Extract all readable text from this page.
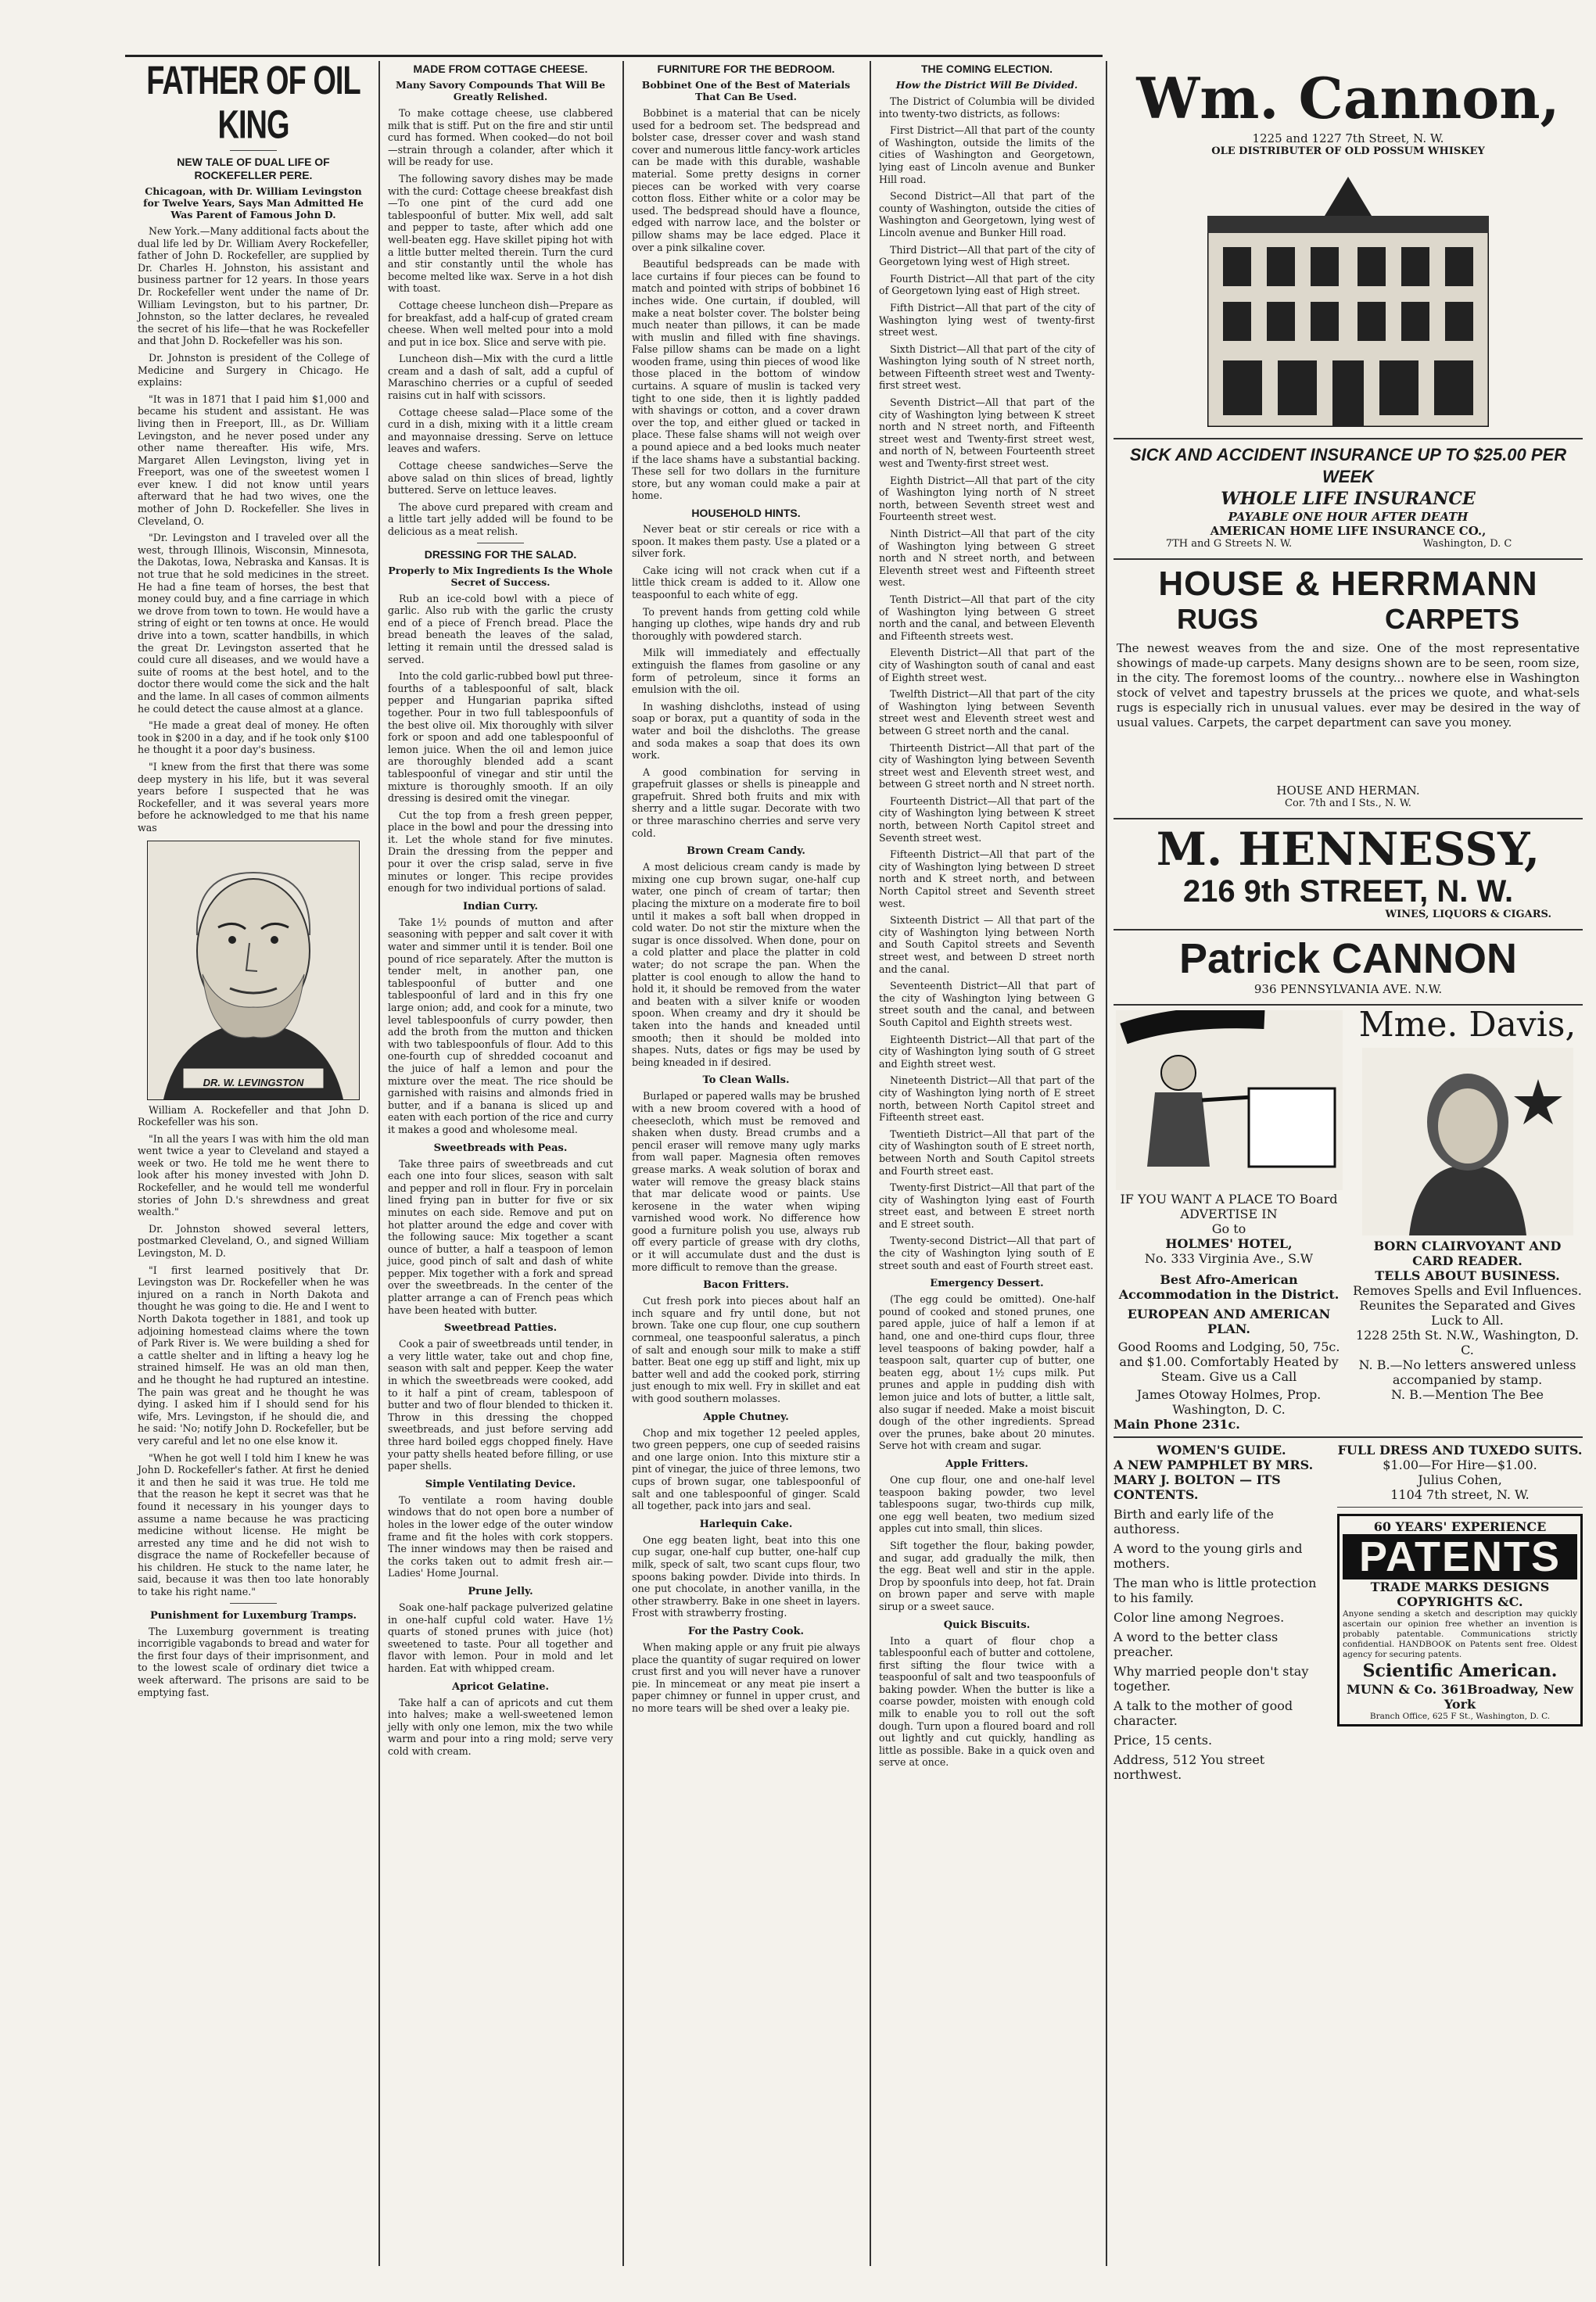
FATHER OF OIL KING
NEW TALE OF DUAL LIFE OF ROCKEFELLER PERE.
Chicagoan, with Dr. William Levingston for Twelve Years, Says Man Admitted He Was Parent of Famous John D.

New York.—Many additional facts about the dual life led by Dr. William Avery Rockefeller, father of John D. Rockefeller, are supplied by Dr. Charles H. Johnston, his assistant and business partner for 12 years. In those years Dr. Rockefeller went under the name of Dr. William Levingston, but to his partner, Dr. Johnston, so the latter declares, he revealed the secret of his life—that he was Rockefeller and that John D. Rockefeller was his son.

Dr. Johnston is president of the College of Medicine and Surgery in Chicago. He explains:

"It was in 1871 that I paid him $1,000 and became his student and assistant. He was living then in Freeport, Ill., as Dr. William Levingston, and he never posed under any other name thereafter. His wife, Mrs. Margaret Allen Levingston, living yet in Freeport, was one of the sweetest women I ever knew. I did not know until years afterward that he had two wives, one the mother of John D. Rockefeller. She lives in Cleveland, O.

"Dr. Levingston and I traveled over all the west, through Illinois, Wisconsin, Minnesota, the Dakotas, Iowa, Nebraska and Kansas. It is not true that he sold medicines in the street. He had a fine team of horses, the best that money could buy, and a fine carriage in which we drove from town to town. He would have a string of eight or ten towns at once. He would drive into a town, scatter handbills, in which the great Dr. Levingston asserted that he could cure all diseases, and we would have a suite of rooms at the best hotel, and to the doctor there would come the sick and the halt and the lame. In all cases of common ailments he could detect the cause almost at a glance.

"He made a great deal of money. He often took in $200 in a day, and if he took only $100 he thought it a poor day's business.

"I knew from the first that there was some deep mystery in his life, but it was several years before I suspected that he was Rockefeller, and it was several years more before he acknowledged to me that his name was

DR. W. LEVINGSTON

William A. Rockefeller and that John D. Rockefeller was his son.

"In all the years I was with him the old man went twice a year to Cleveland and stayed a week or two. He told me he went there to look after his money invested with John D. Rockefeller, and he would tell me wonderful stories of John D.'s shrewdness and great wealth."

Dr. Johnston showed several letters, postmarked Cleveland, O., and signed William Levingston, M. D.

"I first learned positively that Dr. Levingston was Dr. Rockefeller when he was injured on a ranch in North Dakota and thought he was going to die. He and I went to North Dakota together in 1881, and took up adjoining homestead claims where the town of Park River is. We were building a shed for a cattle shelter and in lifting a heavy log he strained himself. He was an old man then, and he thought he had ruptured an intestine. The pain was great and he thought he was dying. I asked him if I should send for his wife, Mrs. Levingston, if he should die, and he said: 'No; notify John D. Rockefeller, but be very careful and let no one else know it.

"When he got well I told him I knew he was John D. Rockefeller's father. At first he denied it and then he said it was true. He told me that the reason he kept it secret was that he found it necessary in his younger days to assume a name because he was practicing medicine without license. He might be arrested any time and he did not wish to disgrace the name of Rockefeller because of his children. He stuck to the name later, he said, because it was then too late honorably to take his right name."

Punishment for Luxemburg Tramps.

The Luxemburg government is treating incorrigible vagabonds to bread and water for the first four days of their imprisonment, and to the lowest scale of ordinary diet twice a week afterward. The prisons are said to be emptying fast.

MADE FROM COTTAGE CHEESE.
Many Savory Compounds That Will Be Greatly Relished.

To make cottage cheese, use clabbered milk that is stiff. Put on the fire and stir until curd has formed. When cooked—do not boil—strain through a colander, after which it will be ready for use.

The following savory dishes may be made with the curd: Cottage cheese breakfast dish—To one pint of the curd add one tablespoonful of butter. Mix well, add salt and pepper to taste, after which add one well-beaten egg. Have skillet piping hot with a little butter melted therein. Turn the curd and stir constantly until the whole has become melted like wax. Serve in a hot dish with toast.

Cottage cheese luncheon dish—Prepare as for breakfast, add a half-cup of grated cream cheese. When well melted pour into a mold and put in ice box. Slice and serve with pie.

Luncheon dish—Mix with the curd a little cream and a dash of salt, add a cupful of Maraschino cherries or a cupful of seeded raisins cut in half with scissors.

Cottage cheese salad—Place some of the curd in a dish, mixing with it a little cream and mayonnaise dressing. Serve on lettuce leaves and wafers.

Cottage cheese sandwiches—Serve the above salad on thin slices of bread, lightly buttered. Serve on lettuce leaves.

The above curd prepared with cream and a little tart jelly added will be found to be delicious as a meat relish.

DRESSING FOR THE SALAD.
Properly to Mix Ingredients Is the Whole Secret of Success.

Rub an ice-cold bowl with a piece of garlic. Also rub with the garlic the crusty end of a piece of French bread. Place the bread beneath the leaves of the salad, letting it remain until the dressed salad is served.

Into the cold garlic-rubbed bowl put three-fourths of a tablespoonful of salt, black pepper and Hungarian paprika sifted together. Pour in two full tablespoonfuls of the best olive oil. Mix thoroughly with silver fork or spoon and add one tablespoonful of lemon juice. When the oil and lemon juice are thoroughly blended add a scant tablespoonful of vinegar and stir until the mixture is thoroughly smooth. If an oily dressing is desired omit the vinegar.

Cut the top from a fresh green pepper, place in the bowl and pour the dressing into it. Let the whole stand for five minutes. Drain the dressing from the pepper and pour it over the crisp salad, serve in five minutes or longer. This recipe provides enough for two individual portions of salad.

Indian Curry.

Take 1½ pounds of mutton and after seasoning with pepper and salt cover it with water and simmer until it is tender. Boil one pound of rice separately. After the mutton is tender melt, in another pan, one tablespoonful of butter and one tablespoonful of lard and in this fry one large onion; add, and cook for a minute, two level tablespoonfuls of curry powder, then add the broth from the mutton and thicken with two tablespoonfuls of flour. Add to this one-fourth cup of shredded cocoanut and the juice of half a lemon and pour the mixture over the meat. The rice should be garnished with raisins and almonds fried in butter, and if a banana is sliced up and eaten with each portion of the rice and curry it makes a good and wholesome meal.

Sweetbreads with Peas.

Take three pairs of sweetbreads and cut each one into four slices, season with salt and pepper and roll in flour. Fry in porcelain lined frying pan in butter for five or six minutes on each side. Remove and put on hot platter around the edge and cover with the following sauce: Mix together a scant ounce of butter, a half a teaspoon of lemon juice, good pinch of salt and dash of white pepper. Mix together with a fork and spread over the sweetbreads. In the center of the platter arrange a can of French peas which have been heated with butter.

Sweetbread Patties.

Cook a pair of sweetbreads until tender, in a very little water, take out and chop fine, season with salt and pepper. Keep the water in which the sweetbreads were cooked, add to it half a pint of cream, tablespoon of butter and two of flour blended to thicken it. Throw in this dressing the chopped sweetbreads, and just before serving add three hard boiled eggs chopped finely. Have your patty shells heated before filling, or use paper shells.

Simple Ventilating Device.

To ventilate a room having double windows that do not open bore a number of holes in the lower edge of the outer window frame and fit the holes with cork stoppers. The inner windows may then be raised and the corks taken out to admit fresh air.—Ladies' Home Journal.

Prune Jelly.

Soak one-half package pulverized gelatine in one-half cupful cold water. Have 1½ quarts of stoned prunes with juice (hot) sweetened to taste. Pour all together and flavor with lemon. Pour in mold and let harden. Eat with whipped cream.

Apricot Gelatine.

Take half a can of apricots and cut them into halves; make a well-sweetened lemon jelly with only one lemon, mix the two while warm and pour into a ring mold; serve very cold with cream.

FURNITURE FOR THE BEDROOM.
Bobbinet One of the Best of Materials That Can Be Used.

Bobbinet is a material that can be nicely used for a bedroom set. The bedspread and bolster case, dresser cover and wash stand cover and numerous little fancy-work articles can be made with this durable, washable material. Some pretty designs in corner pieces can be worked with very coarse cotton floss. Either white or a color may be used. The bedspread should have a flounce, edged with narrow lace, and the bolster or pillow shams may be lace edged. Place it over a pink silkaline cover.

Beautiful bedspreads can be made with lace curtains if four pieces can be found to match and pointed with strips of bobbinet 16 inches wide. One curtain, if doubled, will make a neat bolster cover. The bolster being much neater than pillows, it can be made with muslin and filled with fine shavings. False pillow shams can be made on a light wooden frame, using thin pieces of wood like those placed in the bottom of window curtains. A square of muslin is tacked very tight to one side, then it is lightly padded with shavings or cotton, and a cover drawn over the top, and either glued or tacked in place. These false shams will not weigh over a pound apiece and a bed looks much neater if the lace shams have a substantial backing. These sell for two dollars in the furniture store, but any woman could make a pair at home.

HOUSEHOLD HINTS.

Never beat or stir cereals or rice with a spoon. It makes them pasty. Use a plated or a silver fork.

Cake icing will not crack when cut if a little thick cream is added to it. Allow one teaspoonful to each white of egg.

To prevent hands from getting cold while hanging up clothes, wipe hands dry and rub thoroughly with powdered starch.

Milk will immediately and effectually extinguish the flames from gasoline or any form of petroleum, since it forms an emulsion with the oil.

In washing dishcloths, instead of using soap or borax, put a quantity of soda in the water and boil the dishcloths. The grease and soda makes a soap that does its own work.

A good combination for serving in grapefruit glasses or shells is pineapple and grapefruit. Shred both fruits and mix with sherry and a little sugar. Decorate with two or three maraschino cherries and serve very cold.

Brown Cream Candy.

A most delicious cream candy is made by mixing one cup brown sugar, one-half cup water, one pinch of cream of tartar; then placing the mixture on a moderate fire to boil until it makes a soft ball when dropped in cold water. Do not stir the mixture when the sugar is once dissolved. When done, pour on a cold platter and place the platter in cold water; do not scrape the pan. When the platter is cool enough to allow the hand to hold it, it should be removed from the water and beaten with a silver knife or wooden spoon. When creamy and dry it should be taken into the hands and kneaded until smooth; then it should be molded into shapes. Nuts, dates or figs may be used by being kneaded in if desired.

To Clean Walls.

Burlaped or papered walls may be brushed with a new broom covered with a hood of cheesecloth, which must be removed and shaken when dusty. Bread crumbs and a pencil eraser will remove many ugly marks from wall paper. Magnesia often removes grease marks. A weak solution of borax and water will remove the greasy black stains that mar delicate wood or paints. Use kerosene in the water when wiping varnished wood work. No difference how good a furniture polish you use, always rub off every particle of grease with dry cloths, or it will accumulate dust and the dust is more difficult to remove than the grease.

Bacon Fritters.

Cut fresh pork into pieces about half an inch square and fry until done, but not brown. Take one cup flour, one cup southern cornmeal, one teaspoonful saleratus, a pinch of salt and enough sour milk to make a stiff batter. Beat one egg up stiff and light, mix up batter well and add the cooked pork, stirring just enough to mix well. Fry in skillet and eat with good southern molasses.

Apple Chutney.

Chop and mix together 12 peeled apples, two green peppers, one cup of seeded raisins and one large onion. Into this mixture stir a pint of vinegar, the juice of three lemons, two cups of brown sugar, one tablespoonful of salt and one tablespoonful of ginger. Scald all together, pack into jars and seal.

Harlequin Cake.

One egg beaten light, beat into this one cup sugar, one-half cup butter, one-half cup milk, speck of salt, two scant cups flour, two spoons baking powder. Divide into thirds. In one put chocolate, in another vanilla, in the other strawberry. Bake in one sheet in layers. Frost with strawberry frosting.

For the Pastry Cook.

When making apple or any fruit pie always place the quantity of sugar required on lower crust first and you will never have a runover pie. In mincemeat or any meat pie insert a paper chimney or funnel in upper crust, and no more tears will be shed over a leaky pie.

THE COMING ELECTION.
How the District Will Be Divided.

The District of Columbia will be divided into twenty-two districts, as follows:

First District—All that part of the county of Washington, outside the limits of the cities of Washington and Georgetown, lying east of Lincoln avenue and Bunker Hill road.

Second District—All that part of the county of Washington, outside the cities of Washington and Georgetown, lying west of Lincoln avenue and Bunker Hill road.

Third District—All that part of the city of Georgetown lying west of High street.

Fourth District—All that part of the city of Georgetown lying east of High street.

Fifth District—All that part of the city of Washington lying west of twenty-first street west.

Sixth District—All that part of the city of Washington lying south of N street north, between Fifteenth street west and Twenty-first street west.

Seventh District—All that part of the city of Washington lying between K street north and N street north, and Fifteenth street west and Twenty-first street west, and north of N, between Fourteenth street west and Twenty-first street west.

Eighth District—All that part of the city of Washington lying north of N street north, between Seventh street west and Fourteenth street west.

Ninth District—All that part of the city of Washington lying between G street north and N street north, and between Eleventh street west and Fifteenth street west.

Tenth District—All that part of the city of Washington lying between G street north and the canal, and between Eleventh and Fifteenth streets west.

Eleventh District—All that part of the city of Washington south of canal and east of Eighth street west.

Twelfth District—All that part of the city of Washington lying between Seventh street west and Eleventh street west and between G street north and the canal.

Thirteenth District—All that part of the city of Washington lying between Seventh street west and Eleventh street west, and between G street north and N street north.

Fourteenth District—All that part of the city of Washington lying between K street north, between North Capitol street and Seventh street west.

Fifteenth District—All that part of the city of Washington lying between D street north and K street north, and between North Capitol street and Seventh street west.

Sixteenth District — All that part of the city of Washington lying between North and South Capitol streets and Seventh street west, and between D street north and the canal.

Seventeenth District—All that part of the city of Washington lying between G street south and the canal, and between South Capitol and Eighth streets west.

Eighteenth District—All that part of the city of Washington lying south of G street and Eighth street west.

Nineteenth District—All that part of the city of Washington lying north of E street north, between North Capitol street and Fifteenth street east.

Twentieth District—All that part of the city of Washington south of E street north, between North and South Capitol streets and Fourth street east.

Twenty-first District—All that part of the city of Washington lying east of Fourth street east, and between E street north and E street south.

Twenty-second District—All that part of the city of Washington lying south of E street south and east of Fourth street east.

Emergency Dessert.

(The egg could be omitted). One-half pound of cooked and stoned prunes, one pared apple, juice of half a lemon if at hand, one and one-third cups flour, three level teaspoons of baking powder, half a teaspoon salt, quarter cup of butter, one beaten egg, about 1½ cups milk. Put prunes and apple in pudding dish with lemon juice and lots of butter, a little salt, also sugar if needed. Make a moist biscuit dough of the other ingredients. Spread over the prunes, bake about 20 minutes. Serve hot with cream and sugar.

Apple Fritters.

One cup flour, one and one-half level teaspoon baking powder, two level tablespoons sugar, two-thirds cup milk, one egg well beaten, two medium sized apples cut into small, thin slices.

Sift together the flour, baking powder, and sugar, add gradually the milk, then the egg. Beat well and stir in the apple. Drop by spoonfuls into deep, hot fat. Drain on brown paper and serve with maple sirup or a sweet sauce.

Quick Biscuits.

Into a quart of flour chop a tablespoonful each of butter and cottolene, first sifting the flour twice with a teaspoonful of salt and two teaspoonfuls of baking powder. When the butter is like a coarse powder, moisten with enough cold milk to enable you to roll out the soft dough. Turn upon a floured board and roll out lightly and cut quickly, handling as little as possible. Bake in a quick oven and serve at once.

Wm. Cannon,
1225 and 1227 7th Street, N. W.
OLE DISTRIBUTER OF OLD POSSUM WHISKEY
SICK AND ACCIDENT INSURANCE UP TO $25.00 PER WEEK
WHOLE LIFE INSURANCE
PAYABLE ONE HOUR AFTER DEATH
AMERICAN HOME LIFE INSURANCE CO.,
7TH and G Streets N. W.	Washington, D. C
HOUSE & HERRMANN
RUGS	CARPETS
The newest weaves from the and size. One of the most representative showings of made-up carpets. Many designs shown are to be seen, room size, in the city. The foremost looms of the country... nowhere else in Washington stock of velvet and tapestry brussels at the prices we quote, and what-sels rugs is especially rich in unusual values. ever may be desired in the way of usual values. Carpets, the carpet department can save you money.
HOUSE AND HERMAN.
Cor. 7th and I Sts., N. W.
M. HENNESSY,
216 9th STREET, N. W.
WINES, LIQUORS & CIGARS.
Patrick CANNON
936 PENNSYLVANIA AVE. N.W.
IF YOU WANT A PLACE TO Board ADVERTISE IN
Go to
HOLMES' HOTEL,
No. 333 Virginia Ave., S.W
Best Afro-American Accommodation in the District.
EUROPEAN AND AMERICAN PLAN.
Good Rooms and Lodging, 50, 75c. and $1.00. Comfortably Heated by Steam. Give us a Call
James Otoway Holmes, Prop.
Washington, D. C.
Main Phone 231c.
Mme. Davis,
BORN CLAIRVOYANT AND CARD READER.
TELLS ABOUT BUSINESS.
Removes Spells and Evil Influences. Reunites the Separated and Gives Luck to All.
1228 25th St. N.W., Washington, D. C.
N. B.—No letters answered unless accompanied by stamp.
N. B.—Mention The Bee
WOMEN'S GUIDE.
A NEW PAMPHLET BY MRS. MARY J. BOLTON — ITS CONTENTS.
Birth and early life of the authoress.
A word to the young girls and mothers.
The man who is little protection to his family.
Color line among Negroes.
A word to the better class preacher.
Why married people don't stay together.
A talk to the mother of good character.
Price, 15 cents.
Address, 512 You street northwest.
FULL DRESS AND TUXEDO SUITS.
$1.00—For Hire—$1.00.
Julius Cohen,
1104 7th street, N. W.
60 YEARS' EXPERIENCE
PATENTS
TRADE MARKS DESIGNS COPYRIGHTS &C.
Anyone sending a sketch and description may quickly ascertain our opinion free whether an invention is probably patentable. Communications strictly confidential. HANDBOOK on Patents sent free. Oldest agency for securing patents.
Scientific American.
MUNN & Co. 361Broadway, New York
Branch Office, 625 F St., Washington, D. C.
